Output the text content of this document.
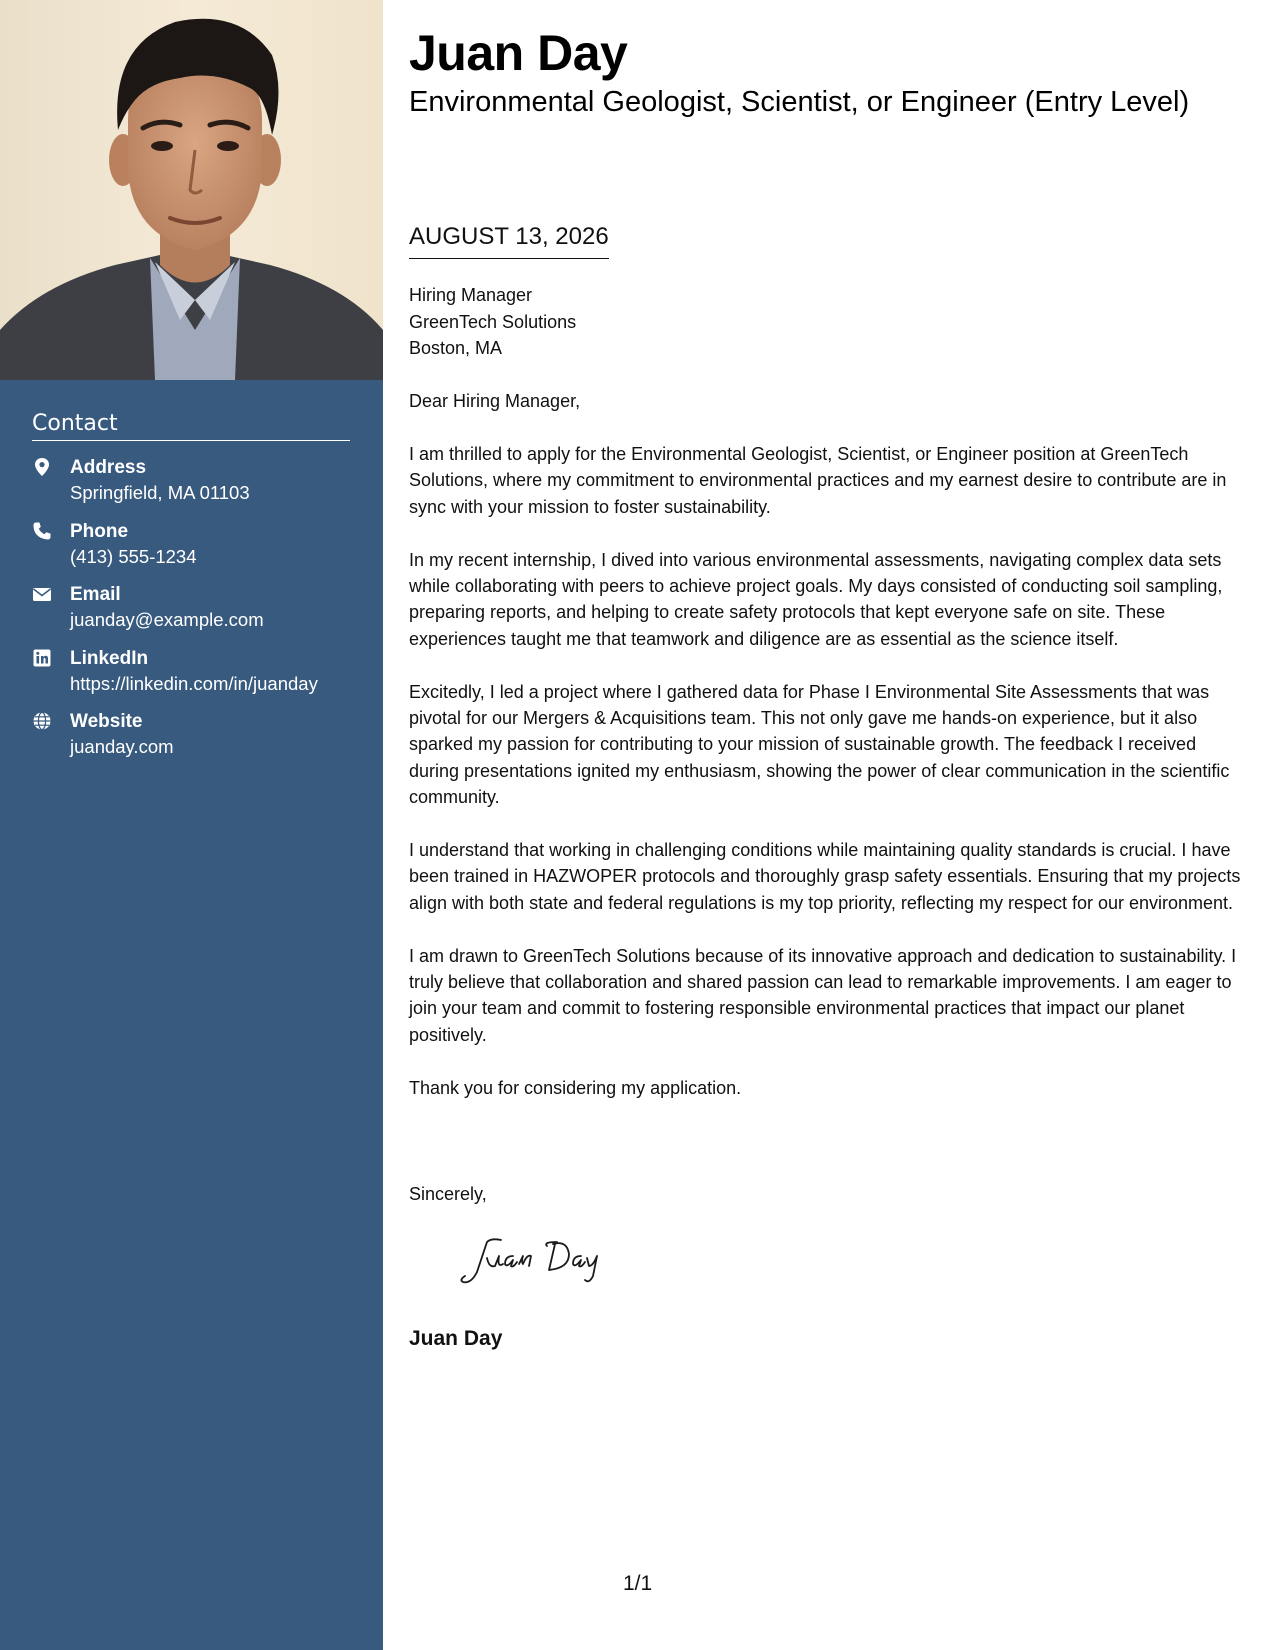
Contact
Address
Springfield, MA 01103
Phone
(413) 555-1234
Email
juanday@example.com
LinkedIn
https://linkedin.com/in/juanday
Website
juanday.com
Juan Day
Environmental Geologist, Scientist, or Engineer (Entry Level)
AUGUST 13, 2026
Hiring Manager
GreenTech Solutions
Boston, MA
Dear Hiring Manager,

I am thrilled to apply for the Environmental Geologist, Scientist, or Engineer position at GreenTech Solutions, where my commitment to environmental practices and my earnest desire to contribute are in sync with your mission to foster sustainability.

In my recent internship, I dived into various environmental assessments, navigating complex data sets while collaborating with peers to achieve project goals. My days consisted of conducting soil sampling, preparing reports, and helping to create safety protocols that kept everyone safe on site. These experiences taught me that teamwork and diligence are as essential as the science itself.

Excitedly, I led a project where I gathered data for Phase I Environmental Site Assessments that was pivotal for our Mergers & Acquisitions team. This not only gave me hands-on experience, but it also sparked my passion for contributing to your mission of sustainable growth. The feedback I received during presentations ignited my enthusiasm, showing the power of clear communication in the scientific community.

I understand that working in challenging conditions while maintaining quality standards is crucial. I have been trained in HAZWOPER protocols and thoroughly grasp safety essentials. Ensuring that my projects align with both state and federal regulations is my top priority, reflecting my respect for our environment.

I am drawn to GreenTech Solutions because of its innovative approach and dedication to sustainability. I truly believe that collaboration and shared passion can lead to remarkable improvements. I am eager to join your team and commit to fostering responsible environmental practices that impact our planet positively.

Thank you for considering my application.

Sincerely,
Juan Day
1/1
